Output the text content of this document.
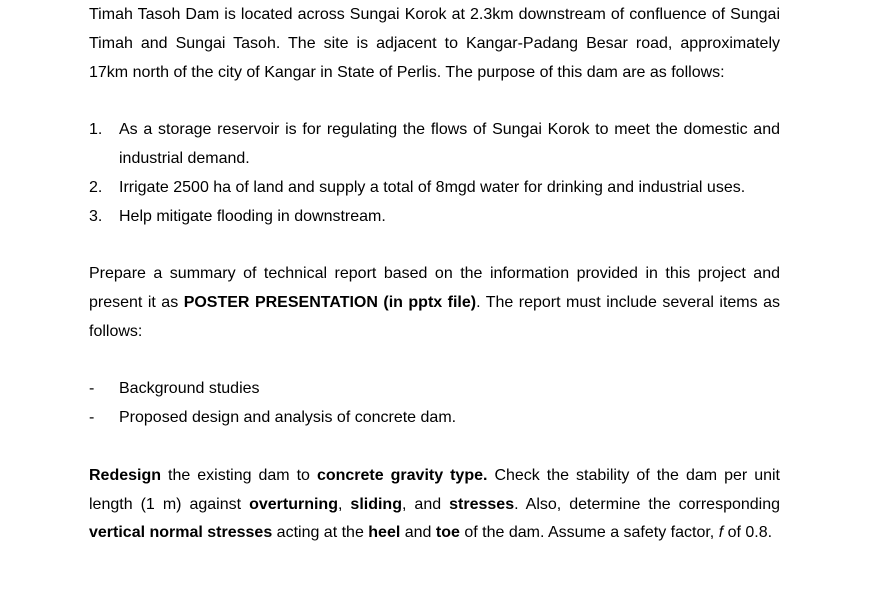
Timah Tasoh Dam is located across Sungai Korok at 2.3km downstream of confluence of Sungai Timah and Sungai Tasoh. The site is adjacent to Kangar-Padang Besar road, approximately 17km north of the city of Kangar in State of Perlis. The purpose of this dam are as follows:

1. As a storage reservoir is for regulating the flows of Sungai Korok to meet the domestic and industrial demand.
2. Irrigate 2500 ha of land and supply a total of 8mgd water for drinking and industrial uses.
3. Help mitigate flooding in downstream.

Prepare a summary of technical report based on the information provided in this project and present it as POSTER PRESENTATION (in pptx file). The report must include several items as follows:

- Background studies
- Proposed design and analysis of concrete dam.

Redesign the existing dam to concrete gravity type. Check the stability of the dam per unit length (1 m) against overturning, sliding, and stresses. Also, determine the corresponding vertical normal stresses acting at the heel and toe of the dam. Assume a safety factor, f of 0.8.
